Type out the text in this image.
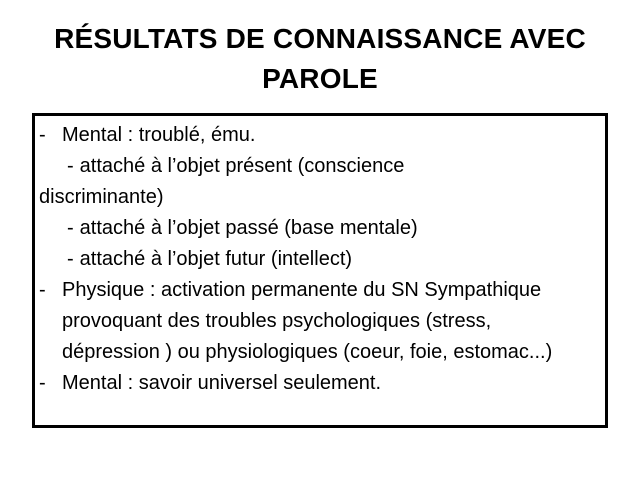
RÉSULTATS DE CONNAISSANCE AVEC
PAROLE
- Mental : troublé, ému.
- attaché à l’objet présent (conscience
discriminante)
- attaché à l’objet passé (base mentale)
- attaché à l’objet futur (intellect)
- Physique : activation permanente du SN Sympathique
provoquant des troubles psychologiques (stress,
dépression ) ou physiologiques (coeur, foie, estomac...)
- Mental : savoir universel seulement.
